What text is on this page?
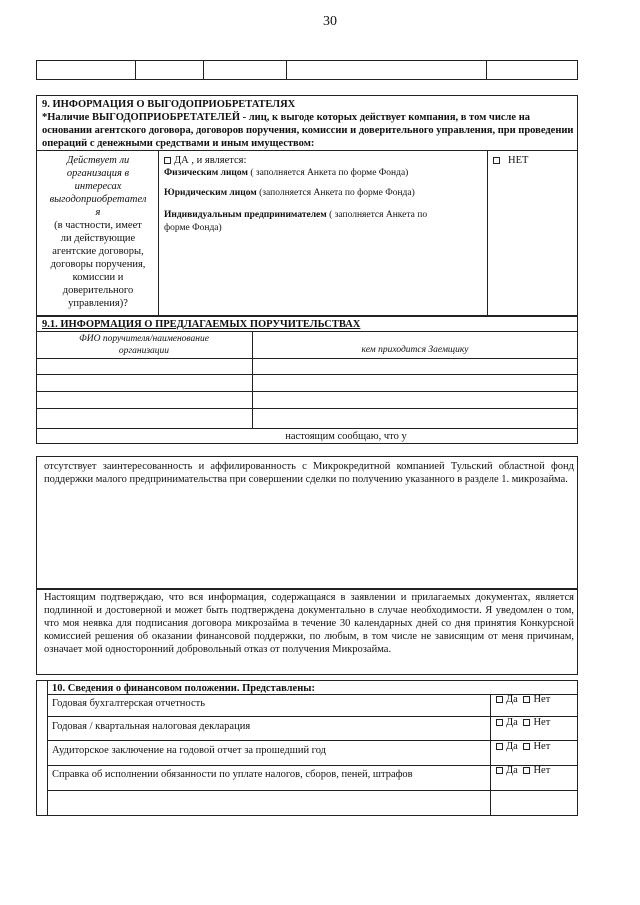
30
9. ИНФОРМАЦИЯ О ВЫГОДОПРИОБРЕТАТЕЛЯХ
*Наличие ВЫГОДОПРИОБРЕТАТЕЛЕЙ - лиц, к выгоде которых действует компания, в том числе на основании агентского договора, договоров поручения, комиссии и доверительного управления, при проведении операций с денежными средствами и иным имуществом:
Действует ли
организация в
интересах
выгодоприобретател
я
(в частности, имеет
ли действующие
агентские договоры,
договоры поручения,
комиссии и
доверительного
управления)?
ДА , и является:
Физическим лицом ( заполняется Анкета по форме Фонда)
Юридическим лицом (заполняется Анкета по форме Фонда)
Индивидуальным предпринимателем ( заполняется Анкета по
форме Фонда)
НЕТ
9.1. ИНФОРМАЦИЯ О ПРЕДЛАГАЕМЫХ ПОРУЧИТЕЛЬСТВАХ
ФИО поручителя/наименование
организации	кем приходится Заемщику
настоящим сообщаю, что у
отсутствует заинтересованность и аффилированность с Микрокредитной компанией Тульский областной фонд поддержки малого предпринимательства при совершении сделки по получению указанного в разделе 1. микрозайма.
Настоящим подтверждаю, что вся информация, содержащаяся в заявлении и прилагаемых документах, является подлинной и достоверной и может быть подтверждена документально в случае необходимости. Я уведомлен о том, что моя неявка для подписания договора микрозайма в течение 30 календарных дней со дня принятия Конкурсной комиссией решения об оказании финансовой поддержки, по любым, в том числе не зависящим от меня причинам, означает мой односторонний добровольный отказ от получения Микрозайма.
10. Сведения о финансовом положении. Представлены:
Годовая бухгалтерская отчетность
Годовая / квартальная налоговая декларация
Аудиторское заключение на годовой отчет за прошедший год
Справка об исполнении обязанности по уплате налогов, сборов, пеней, штрафов
Да Нет
Да Нет
Да Нет
Да Нет
